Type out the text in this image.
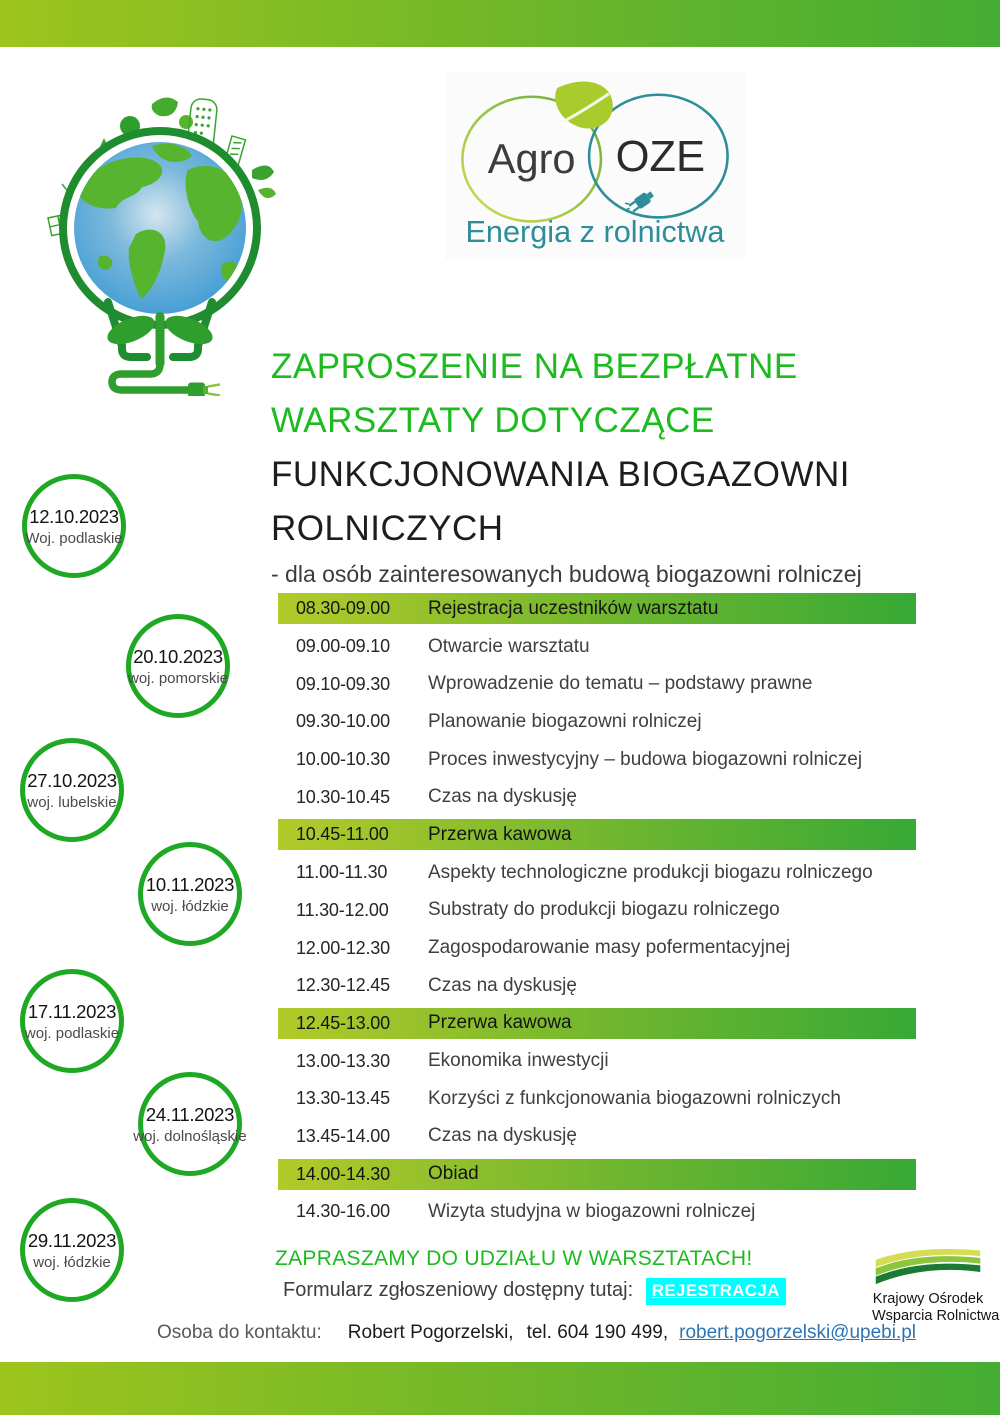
Agro OZE
Energia z rolnictwa
ZAPROSZENIE NA BEZPŁATNE
WARSZTATY DOTYCZĄCE
FUNKCJONOWANIA BIOGAZOWNI
ROLNICZYCH
- dla osób zainteresowanych budową biogazowni rolniczej
08.30-09.00	Rejestracja uczestników warsztatu
09.00-09.10	Otwarcie warsztatu
09.10-09.30	Wprowadzenie do tematu – podstawy prawne
09.30-10.00	Planowanie biogazowni rolniczej
10.00-10.30	Proces inwestycyjny – budowa biogazowni rolniczej
10.30-10.45	Czas na dyskusję
10.45-11.00	Przerwa kawowa
11.00-11.30	Aspekty technologiczne produkcji biogazu rolniczego
11.30-12.00	Substraty do produkcji biogazu rolniczego
12.00-12.30	Zagospodarowanie masy pofermentacyjnej
12.30-12.45	Czas na dyskusję
12.45-13.00	Przerwa kawowa
13.00-13.30	Ekonomika inwestycji
13.30-13.45	Korzyści z funkcjonowania biogazowni rolniczych
13.45-14.00	Czas na dyskusję
14.00-14.30	Obiad
14.30-16.00	Wizyta studyjna w biogazowni rolniczej
12.10.2023
Woj. podlaskie
20.10.2023
woj. pomorskie
27.10.2023
woj. lubelskie
10.11.2023
woj. łódzkie
17.11.2023
woj. podlaskie
24.11.2023
woj. dolnośląskie
29.11.2023
woj. łódzkie	ZAPRASZAMY DO UDZIAŁU W WARSZTATACH!
Formularz zgłoszeniowy dostępny tutaj: REJESTRACJA	Krajowy Ośrodek
Wsparcia Rolnictwa
Osoba do kontaktu: Robert Pogorzelski, tel. 604 190 499, robert.pogorzelski@upebi.pl
